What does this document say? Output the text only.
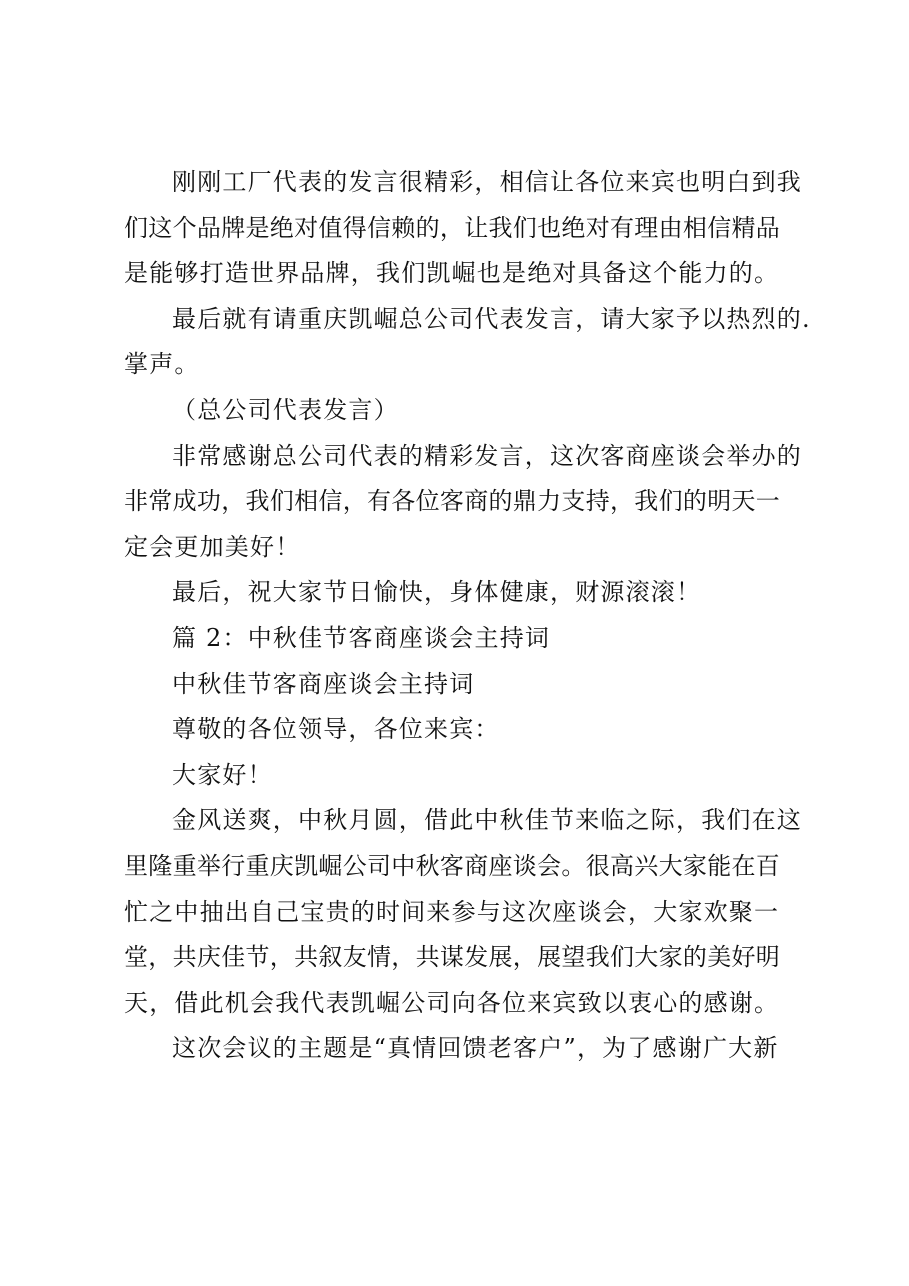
刚刚工厂代表的发言很精彩，相信让各位来宾也明白到我
们这个品牌是绝对值得信赖的，让我们也绝对有理由相信精品
是能够打造世界品牌，我们凯崛也是绝对具备这个能力的。
最后就有请重庆凯崛总公司代表发言，请大家予以热烈的.
掌声。
（总公司代表发言）
非常感谢总公司代表的精彩发言，这次客商座谈会举办的
非常成功，我们相信，有各位客商的鼎力支持，我们的明天一
定会更加美好！
最后，祝大家节日愉快，身体健康，财源滚滚！
篇 2：中秋佳节客商座谈会主持词
中秋佳节客商座谈会主持词
尊敬的各位领导，各位来宾：
大家好！
金风送爽，中秋月圆，借此中秋佳节来临之际，我们在这
里隆重举行重庆凯崛公司中秋客商座谈会。很高兴大家能在百
忙之中抽出自己宝贵的时间来参与这次座谈会，大家欢聚一
堂，共庆佳节，共叙友情，共谋发展，展望我们大家的美好明
天，借此机会我代表凯崛公司向各位来宾致以衷心的感谢。
这次会议的主题是“真情回馈老客户”，为了感谢广大新
